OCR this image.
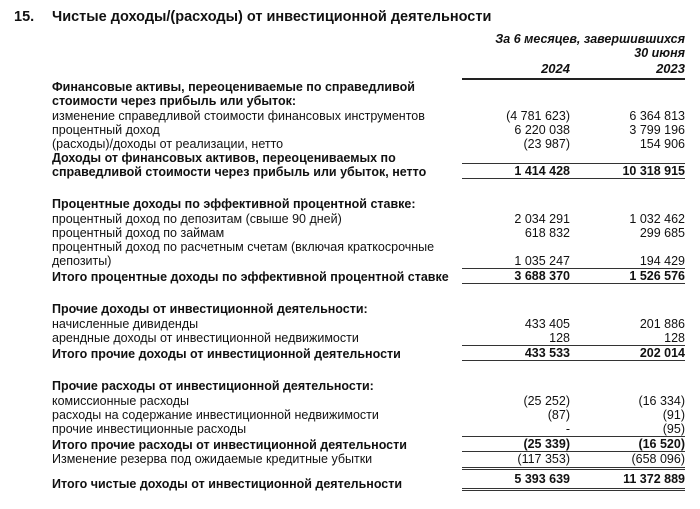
15.	Чистые доходы/(расходы) от инвестиционной деятельности
За 6 месяцев, завершившихся
30 июня
2024	2023
Финансовые активы, переоцениваемые по справедливой
стоимости через прибыль или убыток:
изменение справедливой стоимости финансовых инструментов	(4 781 623)	6 364 813
процентный доход	6 220 038	3 799 196
(расходы)/доходы от реализации, нетто	(23 987)	154 906
Доходы от финансовых активов, переоцениваемых по
справедливой стоимости через прибыль или убыток, нетто	1 414 428	10 318 915
Процентные доходы по эффективной процентной ставке:
процентный доход по депозитам (свыше 90 дней)	2 034 291	1 032 462
процентный доход по займам	618 832	299 685
процентный доход по расчетным счетам (включая краткосрочные
депозиты)	1 035 247	194 429
Итого процентные доходы по эффективной процентной ставке	3 688 370	1 526 576
Прочие доходы от инвестиционной деятельности:
начисленные дивиденды	433 405	201 886
арендные доходы от инвестиционной недвижимости	128	128
Итого прочие доходы от инвестиционной деятельности	433 533	202 014
Прочие расходы от инвестиционной деятельности:
комиссионные расходы	(25 252)	(16 334)
расходы на содержание инвестиционной недвижимости	(87)	(91)
прочие инвестиционные расходы	-	(95)
Итого прочие расходы от инвестиционной деятельности	(25 339)	(16 520)
Изменение резерва под ожидаемые кредитные убытки	(117 353)	(658 096)
Итого чистые доходы от инвестиционной деятельности	5 393 639	11 372 889
